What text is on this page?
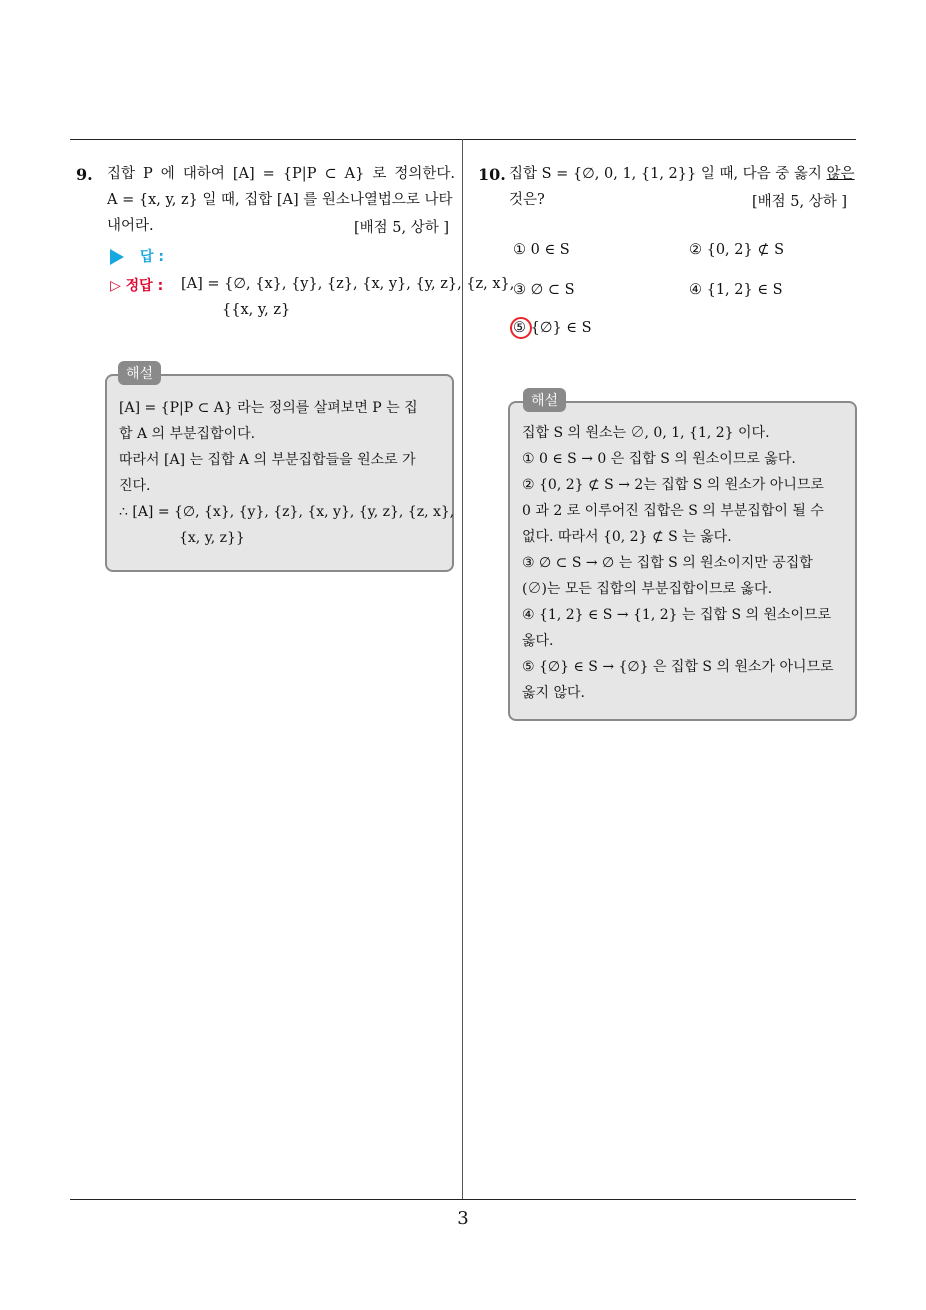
3
9. 집합 P 에 대하여 [A] = {P|P ⊂ A} 로 정의한다.
A = {x, y, z} 일 때, 집합 [A] 를 원소나열법으로 나타
내어라.	[배점 5, 상하 ]
답 :
▷ 정답 : [A] = {∅, {x}, {y}, {z}, {x, y}, {y, z}, {z, x},
{{x, y, z}
[A] = {P|P ⊂ A} 라는 정의를 살펴보면 P 는 집
합 A 의 부분집합이다.
따라서 [A] 는 집합 A 의 부분집합들을 원소로 가
진다.
∴ [A] = {∅, {x}, {y}, {z}, {x, y}, {y, z}, {z, x},
{x, y, z}}
해설
10. 집합 S = {∅, 0, 1, {1, 2}} 일 때, 다음 중 옳지 않은
것은?	[배점 5, 상하 ]
① 0 ∈ S	② {0, 2} ⊄ S
③ ∅ ⊂ S	④ {1, 2} ∈ S
⑤ {∅} ∈ S
집합 S 의 원소는 ∅, 0, 1, {1, 2} 이다.
① 0 ∈ S → 0 은 집합 S 의 원소이므로 옳다.
② {0, 2} ⊄ S → 2는 집합 S 의 원소가 아니므로
0 과 2 로 이루어진 집합은 S 의 부분집합이 될 수
없다. 따라서 {0, 2} ⊄ S 는 옳다.
③ ∅ ⊂ S → ∅ 는 집합 S 의 원소이지만 공집합
(∅)는 모든 집합의 부분집합이므로 옳다.
④ {1, 2} ∈ S → {1, 2} 는 집합 S 의 원소이므로
옳다.
⑤ {∅} ∈ S → {∅} 은 집합 S 의 원소가 아니므로
옳지 않다.
해설
